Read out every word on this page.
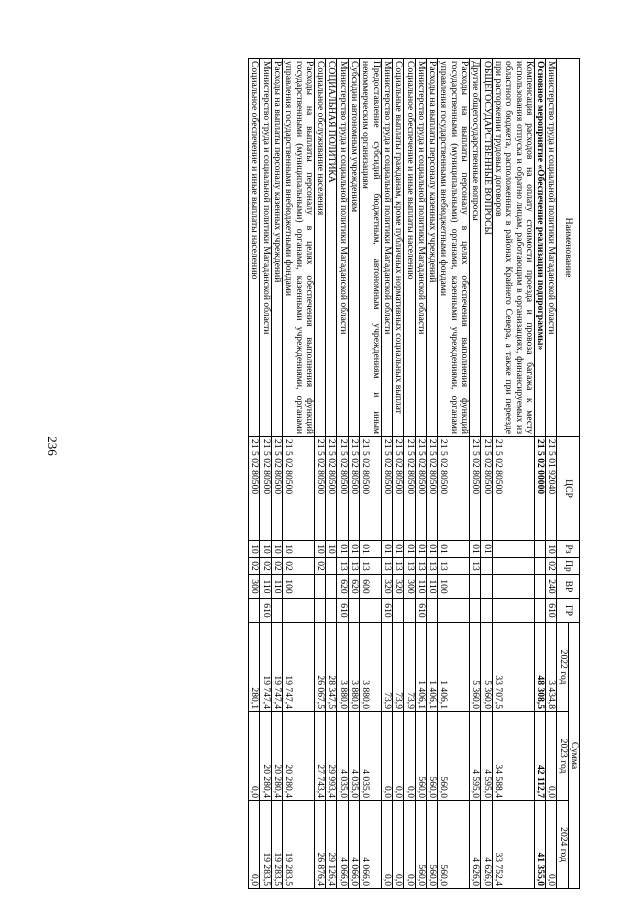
236
Наименование	ЦСР	Рз	Пр	ВР	ГР	Сумма		
						2022 год	2023 год	2024 год
Министерство труда и социальной политики Магаданской области	21 5 01 92040	10	02	240	610	3 434,8	0,0	0,0
Основное мероприятие «Обеспечение реализации подпрограммы»	21 5 02 00000					48 308,5	42 112,7	41 355,0
Компенсация расходов на оплату стоимости проезда и провоза багажа к месту использования отпуска и обратно лицам, работающим в организациях, финансируемых из областного бюджета, расположенных в районах Крайнего Севера, а также при переезде при расторжении трудовых договоров	21 5 02 80500					33 707,5	34 588,4	33 752,4
ОБЩЕГОСУДАРСТВЕННЫЕ ВОПРОСЫ	21 5 02 80500	01				5 360,0	4 595,0	4 626,0
Другие общегосударственные вопросы	21 5 02 80500	01	13			5 360,0	4 595,0	4 626,0
Расходы на выплаты персоналу в целях обеспечения выполнения функций государственными (муниципальными) органами, казенными учреждениями, органами управления государственными внебюджетными фондами	21 5 02 80500	01	13	100		1 406,1	560,0	560,0
Расходы на выплаты персоналу казенных учреждений	21 5 02 80500	01	13	110		1 406,1	560,0	560,0
Министерство труда и социальной политики Магаданской области	21 5 02 80500	01	13	110	610	1 406,1	560,0	560,0
Социальное обеспечение и иные выплаты населению	21 5 02 80500	01	13	300		73,9	0,0	0,0
Социальные выплаты гражданам, кроме публичных нормативных социальных выплат	21 5 02 80500	01	13	320		73,9	0,0	0,0
Министерство труда и социальной политики Магаданской области	21 5 02 80500	01	13	320	610	73,9	0,0	0,0
Предоставление субсидий бюджетным, автономным учреждениям и иным некоммерческим организациям	21 5 02 80500	01	13	600		3 880,0	4 035,0	4 066,0
Субсидии автономным учреждениям	21 5 02 80500	01	13	620		3 880,0	4 035,0	4 066,0
Министерство труда и социальной политики Магаданской области	21 5 02 80500	01	13	620	610	3 880,0	4 035,0	4 066,0
СОЦИАЛЬНАЯ ПОЛИТИКА	21 5 02 80500	10				28 347,5	29 993,4	29 126,4
Социальное обслуживание населения	21 5 02 80500	10	02			26 067,5	27 743,4	26 876,4
Расходы на выплаты персоналу в целях обеспечения выполнения функций государственными (муниципальными) органами, казенными учреждениями, органами управления государственными внебюджетными фондами	21 5 02 80500	10	02	100		19 747,4	20 280,4	19 283,5
Расходы на выплаты персоналу казенных учреждений	21 5 02 80500	10	02	110		19 747,4	20 280,4	19 283,5
Министерство труда и социальной политики Магаданской области	21 5 02 80500	10	02	110	610	19 747,4	20 280,4	19 283,5
Социальное обеспечение и иные выплаты населению	21 5 02 80500	10	02	300		280,1	0,0	0,0
